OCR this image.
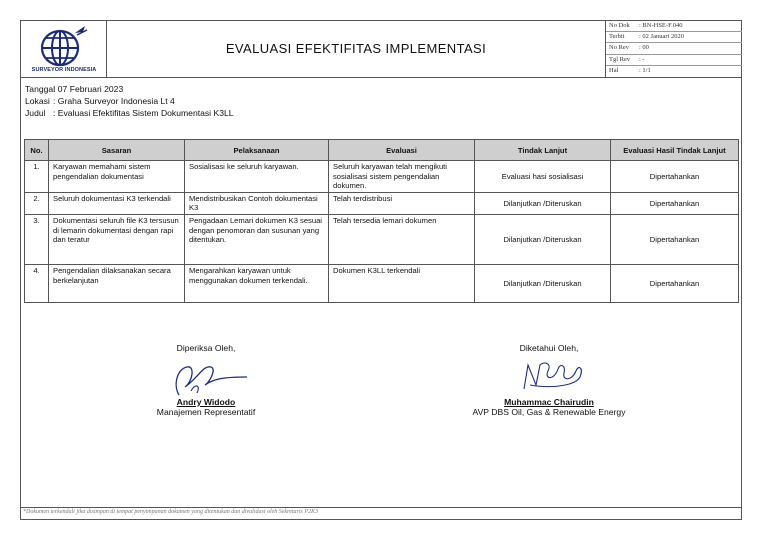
SURVEYOR INDONESIA
EVALUASI EFEKTIFITAS IMPLEMENTASI
No Dok	: BN-HSE-F.040
Terbit	: 02 Januari 2020
No Rev	: 00
Tgl Rev	: -
Hal	: 1/1
Tanggal
: 07 Februari 2023
Lokasi : Graha Surveyor Indonesia Lt 4
Judul : Evaluasi Efektifitas Sistem Dokumentasi K3LL
No.	Sasaran	Pelaksanaan	Evaluasi	Tindak Lanjut	Evaluasi Hasil Tindak Lanjut
1.	Karyawan memahami sistem pengendalian dokumentasi	Sosialisasi ke seluruh karyawan.	Seluruh karyawan telah mengikuti sosialisasi sistem pengendalian dokumen.	Evaluasi hasi sosialisasi	Dipertahankan
2.	Seluruh dokumentasi K3 terkendali	Mendistribusikan Contoh dokumentasi K3	Telah terdistribusi	Dilanjutkan /Diteruskan	Dipertahankan
3.	Dokumentasi seluruh file K3 tersusun di lemarin dokumentasi dengan rapi dan teratur	Pengadaan Lemari dokumen K3 sesuai dengan penomoran dan susunan yang ditentukan.	Telah tersedia lemari dokumen	Dilanjutkan /Diteruskan	Dipertahankan
4.	Pengendalian dilaksanakan secara berkelanjutan	Mengarahkan karyawan untuk menggunakan dokumen terkendali.	Dokumen K3LL terkendali	Dilanjutkan /Diteruskan	Dipertahankan
Diperiksa Oleh,
Andry Widodo
Manajemen Representatif
Diketahui Oleh,
Muhammac Chairudin
AVP DBS Oil, Gas & Renewable Energy
*Dokumen terkendali jika disimpan di tempat penyimpanan dokumen yang ditentukan dan divalidasi oleh Sekretaris P2K3
